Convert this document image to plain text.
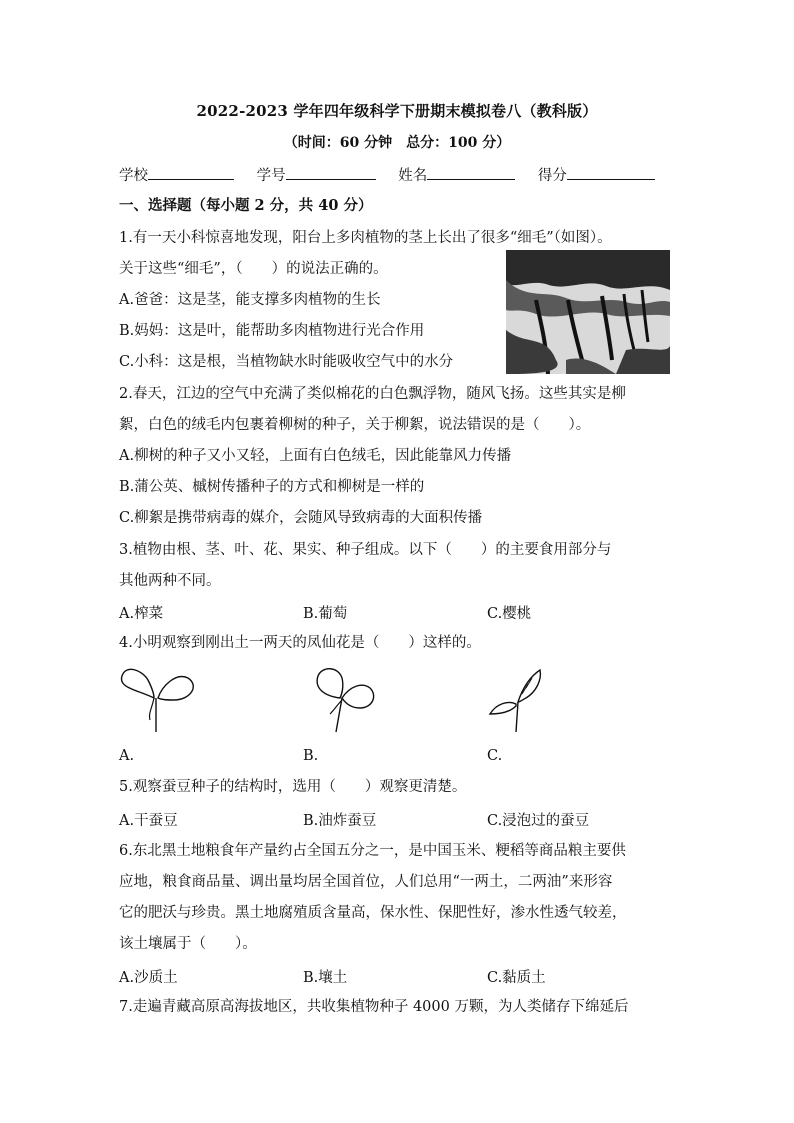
2022-2023 学年四年级科学下册期末模拟卷八（教科版）
（时间：60 分钟　总分：100 分）
学校	学号	姓名	得分
一、选择题（每小题 2 分，共 40 分）
1.有一天小科惊喜地发现，阳台上多肉植物的茎上长出了很多“细毛”（如图）。
关于这些“细毛”，（　　）的说法正确的。
A.爸爸：这是茎，能支撑多肉植物的生长
B.妈妈：这是叶，能帮助多肉植物进行光合作用
C.小科：这是根，当植物缺水时能吸收空气中的水分
2.春天，江边的空气中充满了类似棉花的白色飘浮物，随风飞扬。这些其实是柳
絮，白色的绒毛内包裹着柳树的种子，关于柳絮，说法错误的是（　　）。
A.柳树的种子又小又轻，上面有白色绒毛，因此能靠风力传播
B.蒲公英、槭树传播种子的方式和柳树是一样的
C.柳絮是携带病毒的媒介，会随风导致病毒的大面积传播
3.植物由根、茎、叶、花、果实、种子组成。以下（　　）的主要食用部分与
其他两种不同。
A.榨菜	B.葡萄	C.樱桃
4.小明观察到刚出土一两天的凤仙花是（　　）这样的。
A.	B.	C.
5.观察蚕豆种子的结构时，选用（　　）观察更清楚。
A.干蚕豆	B.油炸蚕豆	C.浸泡过的蚕豆
6.东北黑土地粮食年产量约占全国五分之一，是中国玉米、粳稻等商品粮主要供
应地，粮食商品量、调出量均居全国首位，人们总用“一两土，二两油”来形容
它的肥沃与珍贵。黑土地腐殖质含量高，保水性、保肥性好，渗水性透气较差，
该土壤属于（　　）。
A.沙质土	B.壤土	C.黏质土
7.走遍青藏高原高海拔地区，共收集植物种子 4000 万颗，为人类储存下绵延后
